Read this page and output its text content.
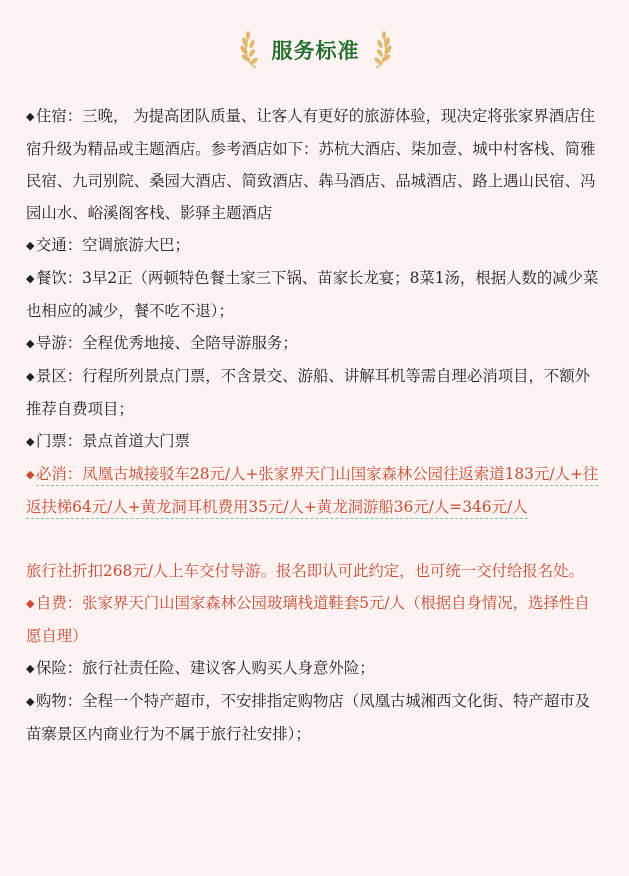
服务标准

◆住宿：三晚， 为提高团队质量、让客人有更好的旅游体验，现决定将张家界酒店住宿升级为精品或主题酒店。参考酒店如下：苏杭大酒店、柒加壹、城中村客栈、简雅民宿、九司别院、桑园大酒店、简致酒店、犇马酒店、品城酒店、路上遇山民宿、冯园山水、峪溪阁客栈、影驿主题酒店

◆交通：空调旅游大巴；

◆餐饮：3早2正（两顿特色餐土家三下锅、苗家长龙宴；8菜1汤，根据人数的减少菜也相应的减少，餐不吃不退）；

◆导游：全程优秀地接、全陪导游服务；

◆景区：行程所列景点门票，不含景交、游船、讲解耳机等需自理必消项目，不额外推荐自费项目；

◆门票：景点首道大门票

◆必消：凤凰古城接驳车28元/人+张家界天门山国家森林公园往返索道183元/人+往返扶梯64元/人+黄龙洞耳机费用35元/人+黄龙洞游船36元/人=346元/人

旅行社折扣268元/人上车交付导游。报名即认可此约定，也可统一交付给报名处。

◆自费：张家界天门山国家森林公园玻璃栈道鞋套5元/人（根据自身情况，选择性自愿自理）

◆保险：旅行社责任险、建议客人购买人身意外险；

◆购物：全程一个特产超市，不安排指定购物店（凤凰古城湘西文化街、特产超市及苗寨景区内商业行为不属于旅行社安排）；
